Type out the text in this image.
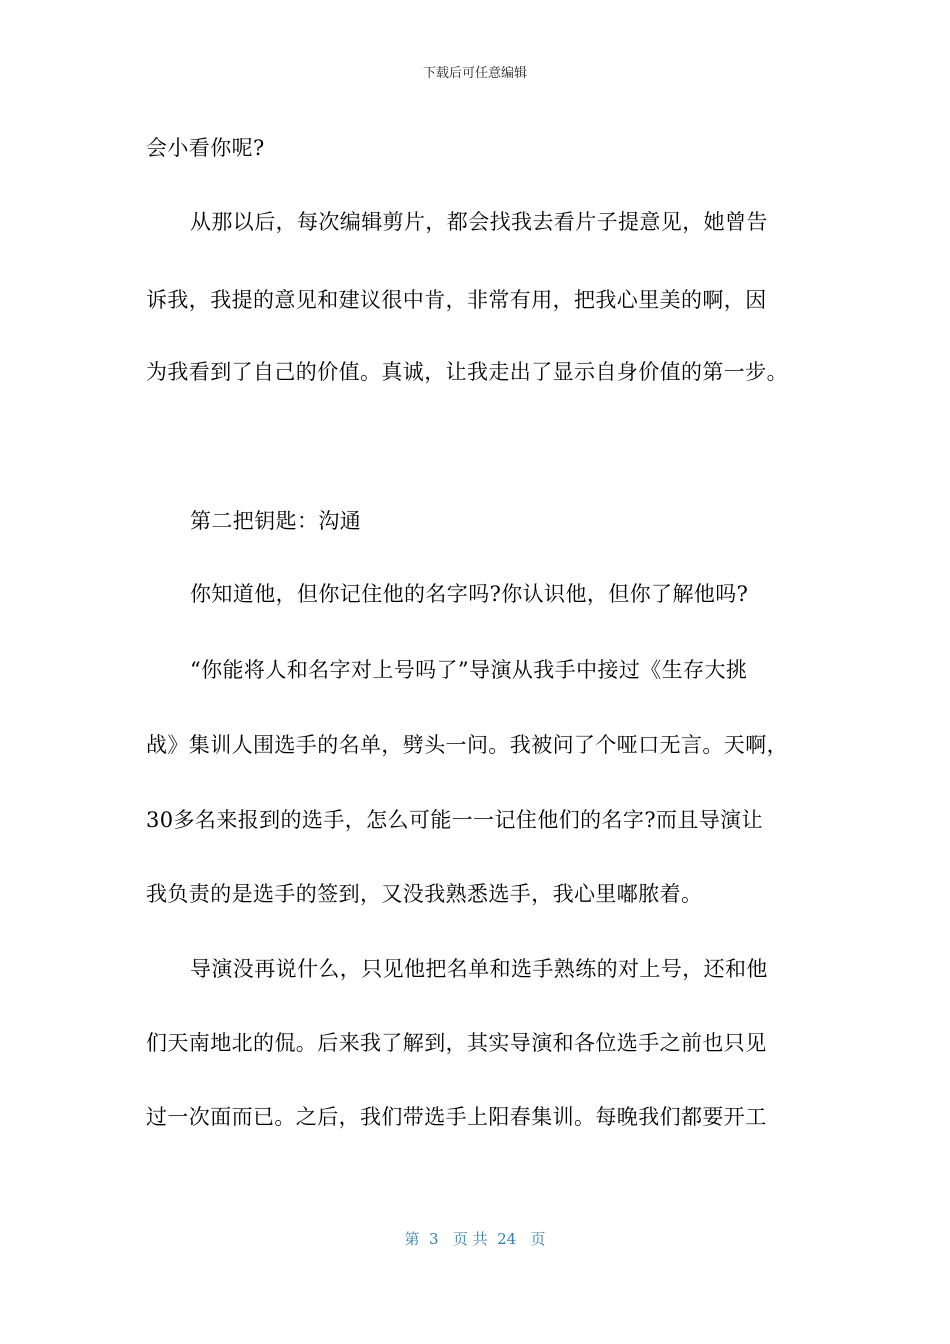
下载后可任意编辑
会小看你呢?
从那以后，每次编辑剪片，都会找我去看片子提意见，她曾告
诉我，我提的意见和建议很中肯，非常有用，把我心里美的啊，因
为我看到了自己的价值。真诚，让我走出了显示自身价值的第一步。
第二把钥匙：沟通
你知道他，但你记住他的名字吗?你认识他，但你了解他吗?
“你能将人和名字对上号吗了”导演从我手中接过《生存大挑
战》集训人围选手的名单，劈头一问。我被问了个哑口无言。天啊，
30多名来报到的选手，怎么可能一一记住他们的名字?而且导演让
我负责的是选手的签到，又没我熟悉选手，我心里嘟脓着。
导演没再说什么，只见他把名单和选手熟练的对上号，还和他
们天南地北的侃。后来我了解到，其实导演和各位选手之前也只见
过一次面而已。之后，我们带选手上阳春集训。每晚我们都要开工
第  3   页 共  24   页
